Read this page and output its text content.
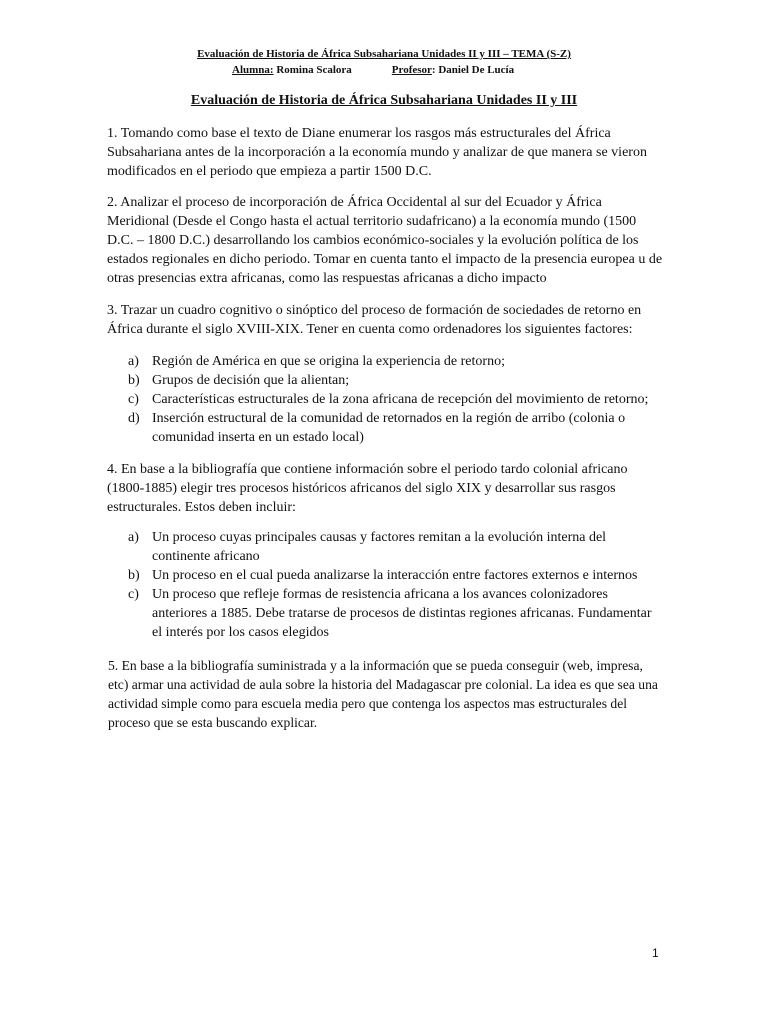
Evaluación de Historia de África Subsahariana Unidades II y III – TEMA (S-Z)
Alumna: Romina Scalora	Profesor: Daniel De Lucía
Evaluación de Historia de África Subsahariana Unidades II y III

1. Tomando como base el texto de Diane enumerar los rasgos más estructurales del África Subsahariana antes de la incorporación a la economía mundo y analizar de que manera se vieron modificados en el periodo que empieza a partir 1500 D.C.

2. Analizar el proceso de incorporación de África Occidental al sur del Ecuador y África Meridional (Desde el Congo hasta el actual territorio sudafricano) a la economía mundo (1500 D.C. – 1800 D.C.) desarrollando los cambios económico-sociales y la evolución política de los estados regionales en dicho periodo. Tomar en cuenta tanto el impacto de la presencia europea u de otras presencias extra africanas, como las respuestas africanas a dicho impacto

3. Trazar un cuadro cognitivo o sinóptico del proceso de formación de sociedades de retorno en África durante el siglo XVIII-XIX. Tener en cuenta como ordenadores los siguientes factores:

a) Región de América en que se origina la experiencia de retorno;
b) Grupos de decisión que la alientan;
c) Características estructurales de la zona africana de recepción del movimiento de retorno;
d) Inserción estructural de la comunidad de retornados en la región de arribo (colonia o comunidad inserta en un estado local)

4. En base a la bibliografía que contiene información sobre el periodo tardo colonial africano (1800-1885) elegir tres procesos históricos africanos del siglo XIX y desarrollar sus rasgos estructurales. Estos deben incluir:

a) Un proceso cuyas principales causas y factores remitan a la evolución interna del continente africano
b) Un proceso en el cual pueda analizarse la interacción entre factores externos e internos
c) Un proceso que refleje formas de resistencia africana a los avances colonizadores anteriores a 1885. Debe tratarse de procesos de distintas regiones africanas. Fundamentar el interés por los casos elegidos

5. En base a la bibliografía suministrada y a la información que se pueda conseguir (web, impresa, etc) armar una actividad de aula sobre la historia del Madagascar pre colonial. La idea es que sea una actividad simple como para escuela media pero que contenga los aspectos mas estructurales del proceso que se esta buscando explicar.

1
